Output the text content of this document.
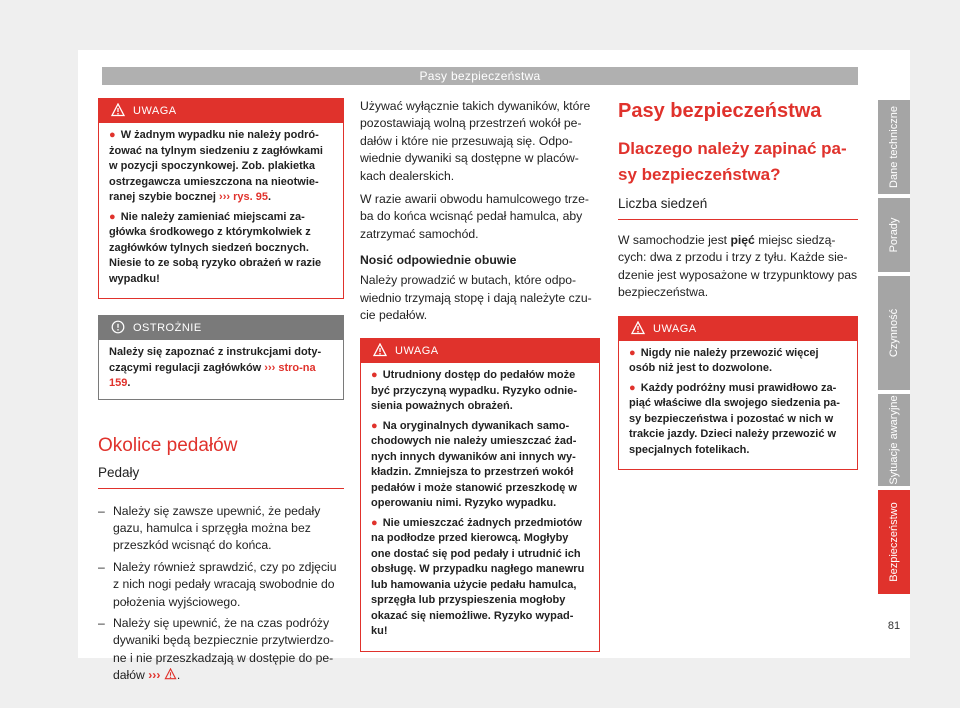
Pasy bezpieczeństwa
UWAGA

● W żadnym wypadku nie należy podró-żować na tylnym siedzeniu z zagłówkami w pozycji spoczynkowej. Zob. plakietka ostrzegawcza umieszczona na nieotwie-ranej szybie bocznej ››› rys. 95.

● Nie należy zamieniać miejscami za-główka środkowego z którymkolwiek z zagłówków tylnych siedzeń bocznych. Niesie to ze sobą ryzyko obrażeń w razie wypadku!

OSTROŻNIE

Należy się zapoznać z instrukcjami doty-czącymi regulacji zagłówków ››› stro-na 159.

Okolice pedałów

Pedały

– Należy się zawsze upewnić, że pedały gazu, hamulca i sprzęgła można bez przeszkód wcisnąć do końca.

– Należy również sprawdzić, czy po zdjęciu z nich nogi pedały wracają swobodnie do położenia wyjściowego.

– Należy się upewnić, że na czas podróży dywaniki będą bezpiecznie przytwierdzo-ne i nie przeszkadzają w dostępie do pe-dałów ››› .

Używać wyłącznie takich dywaników, które pozostawiają wolną przestrzeń wokół pe-dałów i które nie przesuwają się. Odpo-wiednie dywaniki są dostępne w placów-kach dealerskich.

W razie awarii obwodu hamulcowego trze-ba do końca wcisnąć pedał hamulca, aby zatrzymać samochód.

Nosić odpowiednie obuwie

Należy prowadzić w butach, które odpo-wiednio trzymają stopę i dają należyte czu-cie pedałów.

UWAGA

● Utrudniony dostęp do pedałów może być przyczyną wypadku. Ryzyko odnie-sienia poważnych obrażeń.

● Na oryginalnych dywanikach samo-chodowych nie należy umieszczać żad-nych innych dywaników ani innych wy-kładzin. Zmniejsza to przestrzeń wokół pedałów i może stanowić przeszkodę w operowaniu nimi. Ryzyko wypadku.

● Nie umieszczać żadnych przedmiotów na podłodze przed kierowcą. Mogłyby one dostać się pod pedały i utrudnić ich obsługę. W przypadku nagłego manewru lub hamowania użycie pedału hamulca, sprzęgła lub przyspieszenia mogłoby okazać się niemożliwe. Ryzyko wypad-ku!

Pasy bezpieczeństwa
Dlaczego należy zapinać pa-sy bezpieczeństwa?

Liczba siedzeń

W samochodzie jest pięć miejsc siedzą-cych: dwa z przodu i trzy z tyłu. Każde sie-dzenie jest wyposażone w trzypunktowy pas bezpieczeństwa.

UWAGA

● Nigdy nie należy przewozić więcej osób niż jest to dozwolone.

● Każdy podróżny musi prawidłowo za-piąć właściwe dla swojego siedzenia pa-sy bezpieczeństwa i pozostać w nich w trakcie jazdy. Dzieci należy przewozić w specjalnych fotelikach.

Dane techniczne
Porady
Czynność
Sytuacje awaryjne
Bezpieczeństwo
81
